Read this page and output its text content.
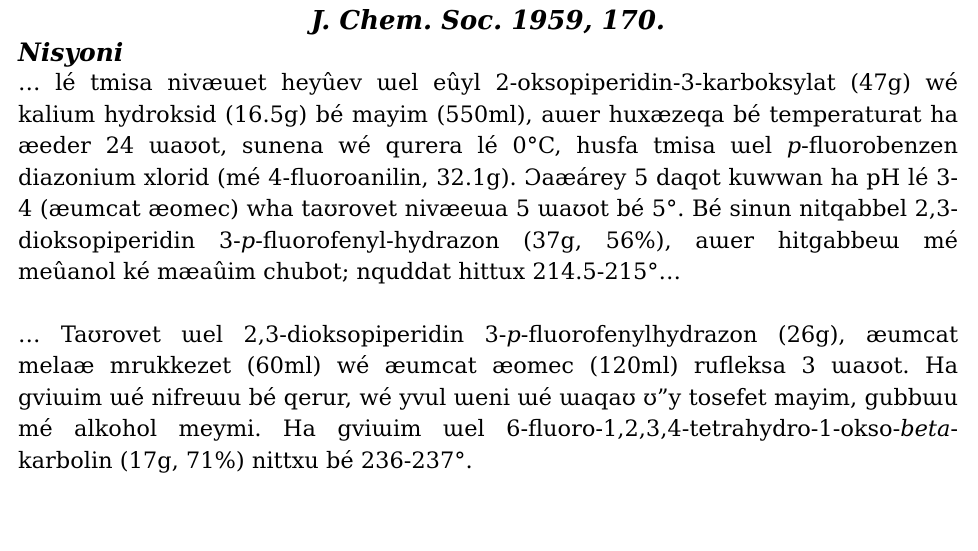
J. Chem. Soc. 1959, 170.

Nisyoni

… lé tmisa nivæɯet heyûev ɯel eûyl 2-oksopiperidin-3-karboksylat (47g) wé kalium hydroksid (16.5g) bé mayim (550ml), aɯer huxæzeqa bé temperaturat ha æeder 24 ɯaʊot, sunena wé qurera lé 0°C, husfa tmisa ɯel p-fluorobenzen diazonium xlorid (mé 4-fluoroanilin, 32.1g). Ɔaæárey 5 daqot kuwwan ha pH lé 3-4 (æumcat æomec) wha taʊrovet nivæeɯa 5 ɯaʊot bé 5°. Bé sinun nitqabbel 2,3-dioksopiperidin 3-p-fluorofenyl-hydrazon (37g, 56%), aɯer hitgabbeɯ mé meûanol ké mæaûim chubot; nquddat hittux 214.5-215°…

… Taʊrovet ɯel 2,3-dioksopiperidin 3-p-fluorofenylhydrazon (26g), æumcat melaæ mrukkezet (60ml) wé æumcat æomec (120ml) rufleksa 3 ɯaʊot. Ha gviɯim ɯé nifreɯu bé qerur, wé yvul ɯeni ɯé ɯaqaʊ ʊ”y tosefet mayim, gubbɯu mé alkohol meymi. Ha gviɯim ɯel 6-fluoro-1,2,3,4-tetrahydro-1-okso-beta-karbolin (17g, 71%) nittxu bé 236-237°.
